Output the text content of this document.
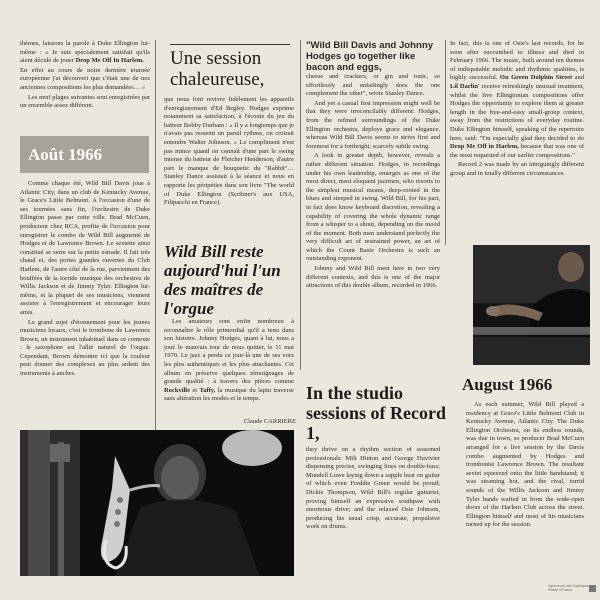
thèmes, laissons la parole à Duke Ellington lui-même : « Je suis spécialement satisfait qu'ils aient décidé de jouer Drop Me Off In Harlem.

En effet au cours de notre dernière tournée européenne j'ai découvert que c'était une de nos anciennes compositions les plus demandées… »

Les neuf plages suivantes sont enregistrées par un ensemble assez différent.

Août 1966

Comme chaque été, Wild Bill Davis joue à Atlantic City, dans un club de Kentucky Avenue, le Grace's Little Belmont. A l'occasion d'une de ses tournées sans fin, l'orchestre de Duke Ellington passe par cette ville. Brad McCuen, producteur chez RCA, profite de l'occasion pour enregistrer le combo de Wild Bill augmenté de Hodges et de Lawrence Brown. Le sextette ainsi constitué se serre sur la petite estrade. Il fait très chaud et, des portes grandes ouvertes du Club Harlem, de l'autre côté de la rue, parviennent des bouffées de la torride musique des orchestres de Willis Jackson et de Jimmy Tyler. Ellington lui-même, et la plupart de ses musiciens, viennent assister à l'enregistrement et encourager leurs amis.

Le grand sujet d'étonnement pour les jeunes musiciens locaux, c'est le trombone de Lawrence Brown, un instrument inhabituel dans ce contexte : le saxophone est l'allié naturel de l'orgue. Cependant, Brown démontre ici que la couleur peut donner des complexes au plus ardent des instruments à anches.

Une session chaleureuse,

que nous font revivre fidèlement les appareils d'enregistrement d'Ed Begley. Hodges exprime notamment sa satisfaction, à l'écoute du jeu du batteur Bobby Durham : « Il y a longtemps que je n'avais pas ressenti un pareil rythme, on croirait entendre Walter Johnson. » Le compliment n'est pas mince quand on connaît d'une part le swing intense du batteur de Fletcher Henderson, d'autre part le manque de bouquetic du "Rabbit"… Stanley Dance assistait à la séance et nous en rapporte les péripéties dans son livre "The world of Duke Ellington (Scribner's aux USA, Filipacchi en France).

Wild Bill reste aujourd'hui l'un des maîtres de l'orgue

Les amateurs sont enfin nombreux à reconnaître le rôle primordial qu'il a tenu dans son histoire. Johnny Hodges, quant à lui, nous a joué le mauvais tour de nous quitter, le 11 mai 1970. Le jazz a perdu ce jour-là une de ses voix les plus authentiques et les plus attachantes. Cet album en préserve quelques témoignages de grande qualité : à travers des pièces comme Rockville et Taffy, la musique du lapin traverse sans altération les modes et le temps.

Claude CARRIERE

"Wild Bill Davis and Johnny Hodges go together like bacon and eggs,

cheese and crackers, or gin and tonic, so effortlessly and unfailingly does the one complement the other", wrote Stanley Dance.

And yet a casual first impression might well be that they were irreconcilably different: Hodges, from the refined surroundings of the Duke Ellington orchestra, deploys grace and elegance, whereas Wild Bill Davis seems to strive first and foremost for a forthright, scarcely subtle swing.

A look in greater depth, however, reveals a rather different situation. Hodges, in recordings under his own leadership, emerges as one of the most direct, most eloquent jazzmen, who resorts to the simplest musical means, deep-rooted in the blues and steeped in swing. Wild Bill, for his part, in fact does know keyboard discretion, revealing a capability of covering the whole dynamic range from a whisper to a shout, depending on the mood of the moment. Both men understand perfectly the very difficult art of restrained power, an art of which the Count Basie Orchestra is such an outstanding exponent.

Johnny and Wild Bill meet here in two very different contexts, and this is one of the major attractions of this double album, recorded in 1966.

In the studio sessions of Record 1,

they thrive on a rhythm section of seasoned professionals: Milt Hinton and George Duvivier dispensing precise, swinging lines on double-bass; Mundell Lowe laying down a supple beat on guitar of which even Freddie Green would be proud; Dickie Thompson, Wild Bill's regular guitarist, proving himself an expressive southpaw with enormous drive; and the relaxed Osie Johnson, producing his usual crisp, accurate, propulsive work on drums.

In fact, this is one of Osie's last records, for he soon after succumbed to illness and died in February 1966. The music, built around ten themes of indisputable melodic and rhythmic qualities, is highly successful. On Green Dolphin Street and Lil Darlin' receive refreshingly unusual treatment, whilst the five Ellingtonian compositions offer Hodges the opportunity to explore them at greater length in the free-and-easy small-group context, away from the restrictions of everyday routine. Duke Ellington himself, speaking of the repertoire here, said: "I'm especially glad they decided to do Drop Me Off in Harlem, because that was one of the most requested of our earlier compositions."

Record 2 was made by an intriguingly different group and in totally different circumstances.

August 1966

As each summer, Wild Bill played a residency at Grace's Little Belmont Club in Kentucky Avenue, Atlantic City. The Duke Ellington Orchestra, on its endless rounds, was due in town, so producer Brad McCuen arranged for a live session by the Davis combo augmented by Hodges and trombonist Lawrence Brown. The resultant sextet squeezed onto the little bandstand; it was steaming hot, and the rival, torrid sounds of the Willis Jackson and Jimmy Tyler bands wafted in from the wide-open doors of the Harlem Club across the street. Ellington himself and most of his musicians turned up for the session.

Imprimé par Arts Graphiques
Printed in France
